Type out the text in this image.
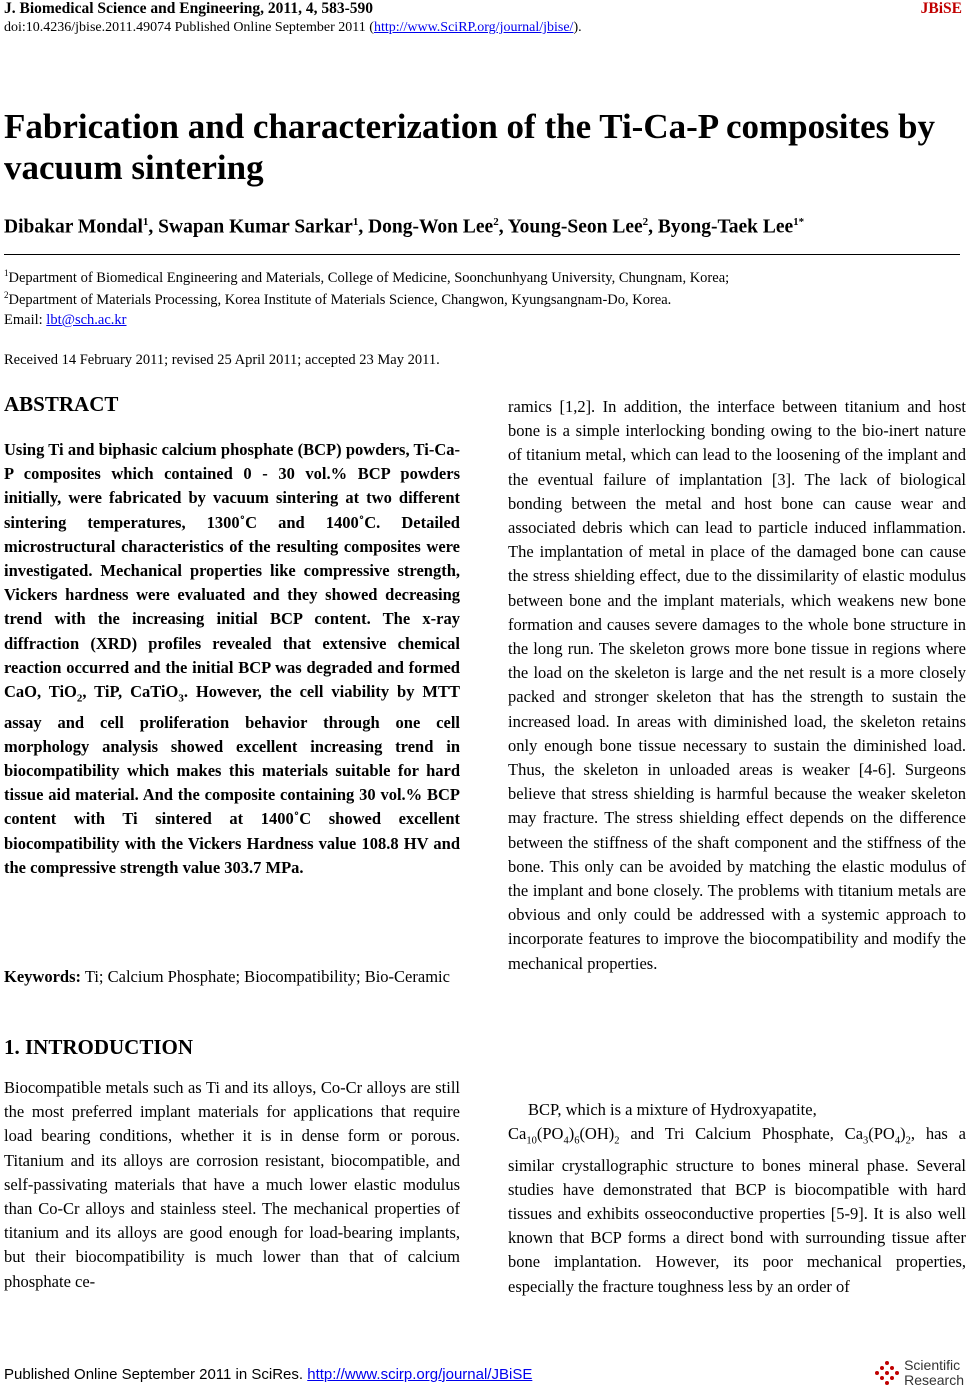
J. Biomedical Science and Engineering, 2011, 4, 583-590	JBiSE
doi:10.4236/jbise.2011.49074 Published Online September 2011 (http://www.SciRP.org/journal/jbise/).
Fabrication and characterization of the Ti-Ca-P composites by vacuum sintering
Dibakar Mondal$^1$, Swapan Kumar Sarkar$^1$, Dong-Won Lee$^2$, Young-Seon Lee$^2$, Byong-Taek Lee$^{1*}$
$^1$Department of Biomedical Engineering and Materials, College of Medicine, Soonchunhyang University, Chungnam, Korea;
$^2$Department of Materials Processing, Korea Institute of Materials Science, Changwon, Kyungsangnam-Do, Korea.
Email: lbt@sch.ac.kr
Received 14 February 2011; revised 25 April 2011; accepted 23 May 2011.
ABSTRACT

Using Ti and biphasic calcium phosphate (BCP) powders, Ti-Ca-P composites which contained 0 - 30 vol.% BCP powders initially, were fabricated by vacuum sintering at two different sintering temperatures, 1300˚C and 1400˚C. Detailed microstructural characteristics of the resulting composites were investigated. Mechanical properties like compressive strength, Vickers hardness were evaluated and they showed decreasing trend with the increasing initial BCP content. The x-ray diffraction (XRD) profiles revealed that extensive chemical reaction occurred and the initial BCP was degraded and formed CaO, TiO$_2$, TiP, CaTiO$_3$. However, the cell viability by MTT assay and cell proliferation behavior through one cell morphology analysis showed excellent increasing trend in biocompatibility which makes this materials suitable for hard tissue aid material. And the composite containing 30 vol.% BCP content with Ti sintered at 1400˚C showed excellent biocompatibility with the Vickers Hardness value 108.8 HV and the compressive strength value 303.7 MPa.

Keywords: Ti; Calcium Phosphate; Biocompatibility; Bio-Ceramic

1. INTRODUCTION

Biocompatible metals such as Ti and its alloys, Co-Cr alloys are still the most preferred implant materials for applications that require load bearing conditions, whether it is in dense form or porous. Titanium and its alloys are corrosion resistant, biocompatible, and self-passivating materials that have a much lower elastic modulus than Co-Cr alloys and stainless steel. The mechanical properties of titanium and its alloys are good enough for load-bearing implants, but their biocompatibility is much lower than that of calcium phosphate ce-

ramics [1,2]. In addition, the interface between titanium and host bone is a simple interlocking bonding owing to the bio-inert nature of titanium metal, which can lead to the loosening of the implant and the eventual failure of implantation [3]. The lack of biological bonding between the metal and host bone can cause wear and associated debris which can lead to particle induced inflammation. The implantation of metal in place of the damaged bone can cause the stress shielding effect, due to the dissimilarity of elastic modulus between bone and the implant materials, which weakens new bone formation and causes severe damages to the whole bone structure in the long run. The skeleton grows more bone tissue in regions where the load on the skeleton is large and the net result is a more closely packed and stronger skeleton that has the strength to sustain the increased load. In areas with diminished load, the skeleton retains only enough bone tissue necessary to sustain the diminished load. Thus, the skeleton in unloaded areas is weaker [4-6]. Surgeons believe that stress shielding is harmful because the weaker skeleton may fracture. The stress shielding effect depends on the difference between the stiffness of the shaft component and the stiffness of the bone. This only can be avoided by matching the elastic modulus of the implant and bone closely. The problems with titanium metals are obvious and only could be addressed with a systemic approach to incorporate features to improve the biocompatibility and modify the mechanical properties.

BCP, which is a mixture of Hydroxyapatite,

$Ca_{10}(PO_4)_6(OH)_2$ and Tri Calcium Phosphate, $Ca_3(PO_4)_2$, has a similar crystallographic structure to bones mineral phase. Several studies have demonstrated that BCP is biocompatible with hard tissues and exhibits osseoconductive properties [5-9]. It is also well known that BCP forms a direct bond with surrounding tissue after bone implantation. However, its poor mechanical properties, especially the fracture toughness less by an order of

Published Online September 2011 in SciRes. http://www.scirp.org/journal/JBiSE
Scientific
Research
